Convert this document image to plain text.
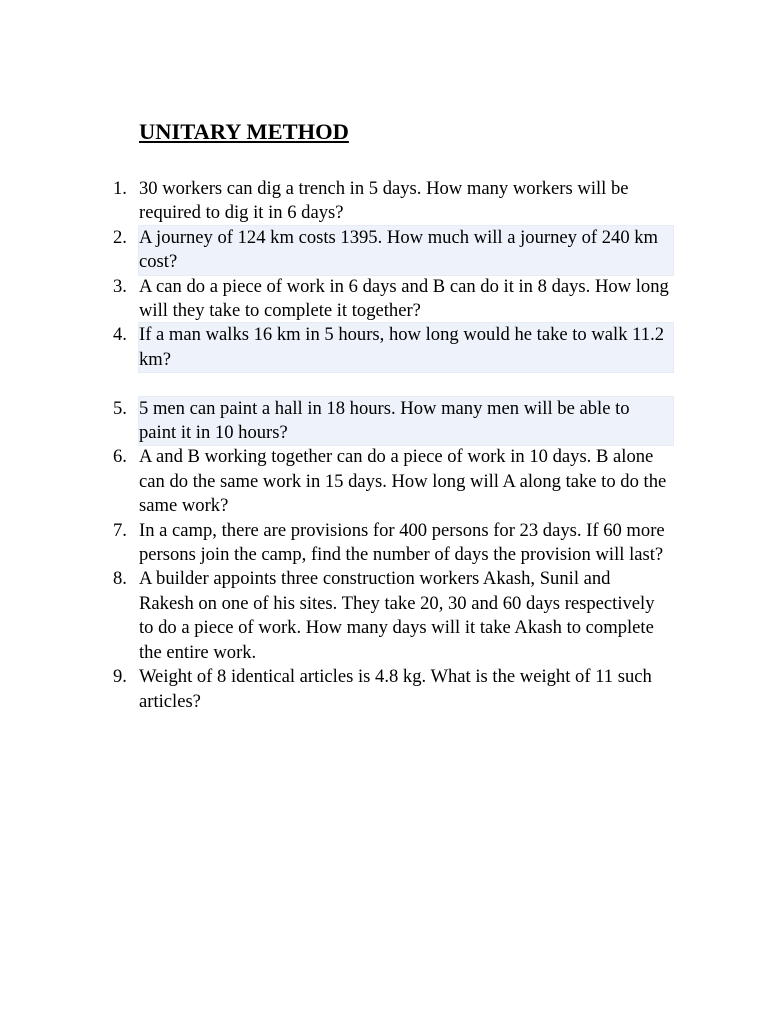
UNITARY METHOD
1. 30 workers can dig a trench in 5 days. How many workers will be required to dig it in 6 days?
2. A journey of 124 km costs 1395. How much will a journey of 240 km cost?
3. A can do a piece of work in 6 days and B can do it in 8 days. How long will they take to complete it together?
4. If a man walks 16 km in 5 hours, how long would he take to walk 11.2 km?
5. 5 men can paint a hall in 18 hours. How many men will be able to paint it in 10 hours?
6. A and B working together can do a piece of work in 10 days. B alone can do the same work in 15 days. How long will A along take to do the same work?
7. In a camp, there are provisions for 400 persons for 23 days. If 60 more persons join the camp, find the number of days the provision will last?
8. A builder appoints three construction workers Akash, Sunil and Rakesh on one of his sites. They take 20, 30 and 60 days respectively to do a piece of work. How many days will it take Akash to complete the entire work.
9. Weight of 8 identical articles is 4.8 kg. What is the weight of 11 such articles?
